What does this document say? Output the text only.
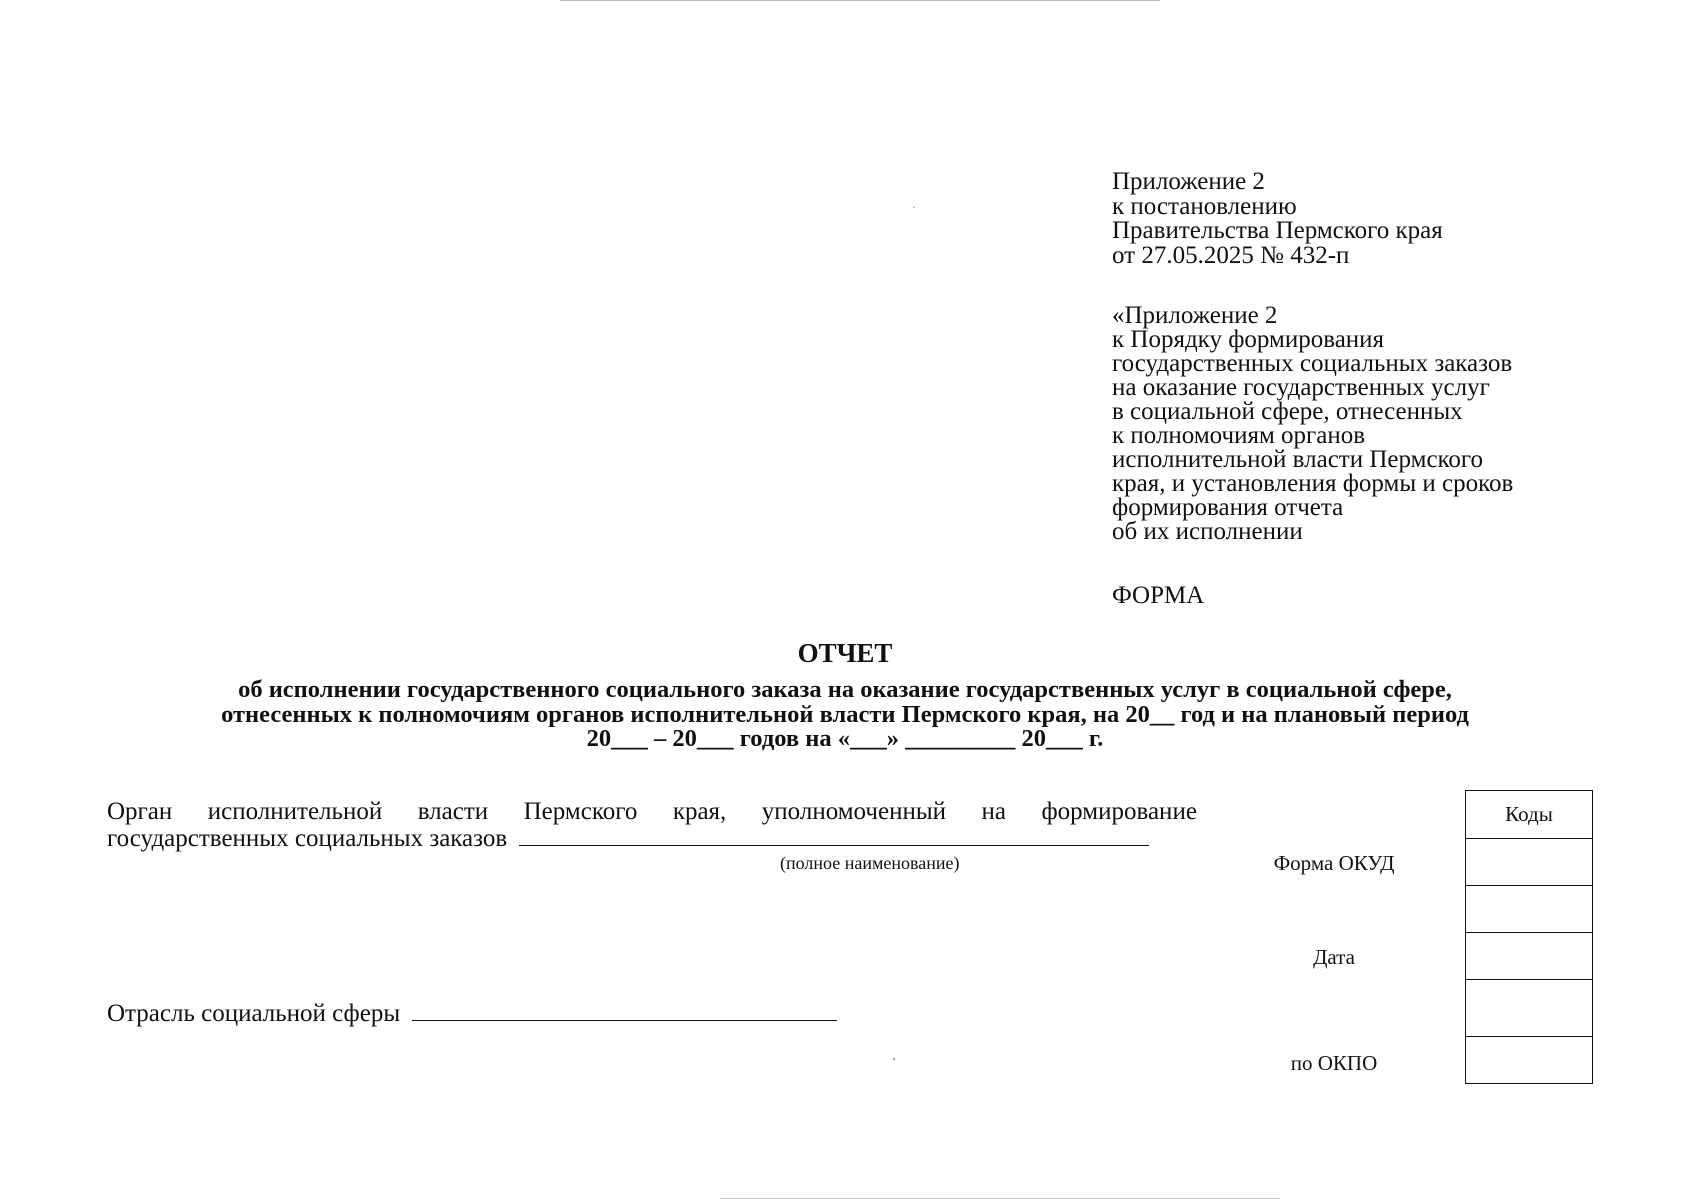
Приложение 2
к постановлению
Правительства Пермского края
от 27.05.2025 № 432-п
«Приложение 2
к Порядку формирования
государственных социальных заказов
на оказание государственных услуг
в социальной сфере, отнесенных
к полномочиям органов
исполнительной власти Пермского
края, и установления формы и сроков
формирования отчета
об их исполнении
ФОРМА
ОТЧЕТ
об исполнении государственного социального заказа на оказание государственных услуг в социальной сфере,
отнесенных к полномочиям органов исполнительной власти Пермского края, на 20__ год и на плановый период
20___ – 20___ годов на «___» _________ 20___ г.
Орган исполнительной власти Пермского края, уполномоченный на формирование
государственных социальных заказов
(полное наименование)
Отрасль социальной сферы
Форма ОКУД
Дата
по ОКПО
Коды
